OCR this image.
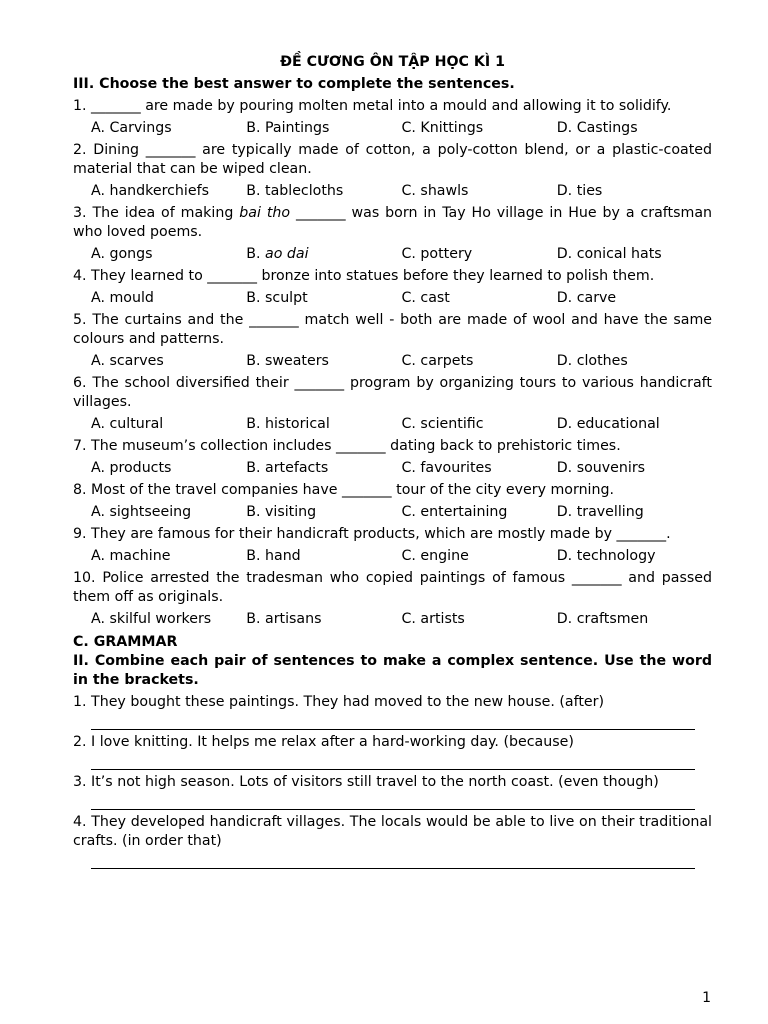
ĐỀ CƯƠNG ÔN TẬP HỌC KÌ 1
III. Choose the best answer to complete the sentences.
1. _______ are made by pouring molten metal into a mould and allowing it to solidify.
A. Carvings	B. Paintings	C. Knittings	D. Castings
2. Dining _______ are typically made of cotton, a poly-cotton blend, or a plastic-coated material that can be wiped clean.
A. handkerchiefs	B. tablecloths	C. shawls	D. ties
3. The idea of making bai tho _______ was born in Tay Ho village in Hue by a craftsman who loved poems.
A. gongs	B. ao dai	C. pottery	D. conical hats
4. They learned to _______ bronze into statues before they learned to polish them.
A. mould	B. sculpt	C. cast	D. carve
5. The curtains and the _______ match well - both are made of wool and have the same colours and patterns.
A. scarves	B. sweaters	C. carpets	D. clothes
6. The school diversified their _______ program by organizing tours to various handicraft villages.
A. cultural	B. historical	C. scientific	D. educational
7. The museum’s collection includes _______ dating back to prehistoric times.
A. products	B. artefacts	C. favourites	D. souvenirs
8. Most of the travel companies have _______ tour of the city every morning.
A. sightseeing	B. visiting	C. entertaining	D. travelling
9. They are famous for their handicraft products, which are mostly made by _______.
A. machine	B. hand	C. engine	D. technology
10. Police arrested the tradesman who copied paintings of famous _______ and passed them off as originals.
A. skilful workers	B. artisans	C. artists	D. craftsmen
C. GRAMMAR
II. Combine each pair of sentences to make a complex sentence. Use the word in the brackets.
1. They bought these paintings. They had moved to the new house. (after)
2. I love knitting. It helps me relax after a hard-working day. (because)
3. It’s not high season. Lots of visitors still travel to the north coast. (even though)
4. They developed handicraft villages. The locals would be able to live on their traditional crafts. (in order that)
1
